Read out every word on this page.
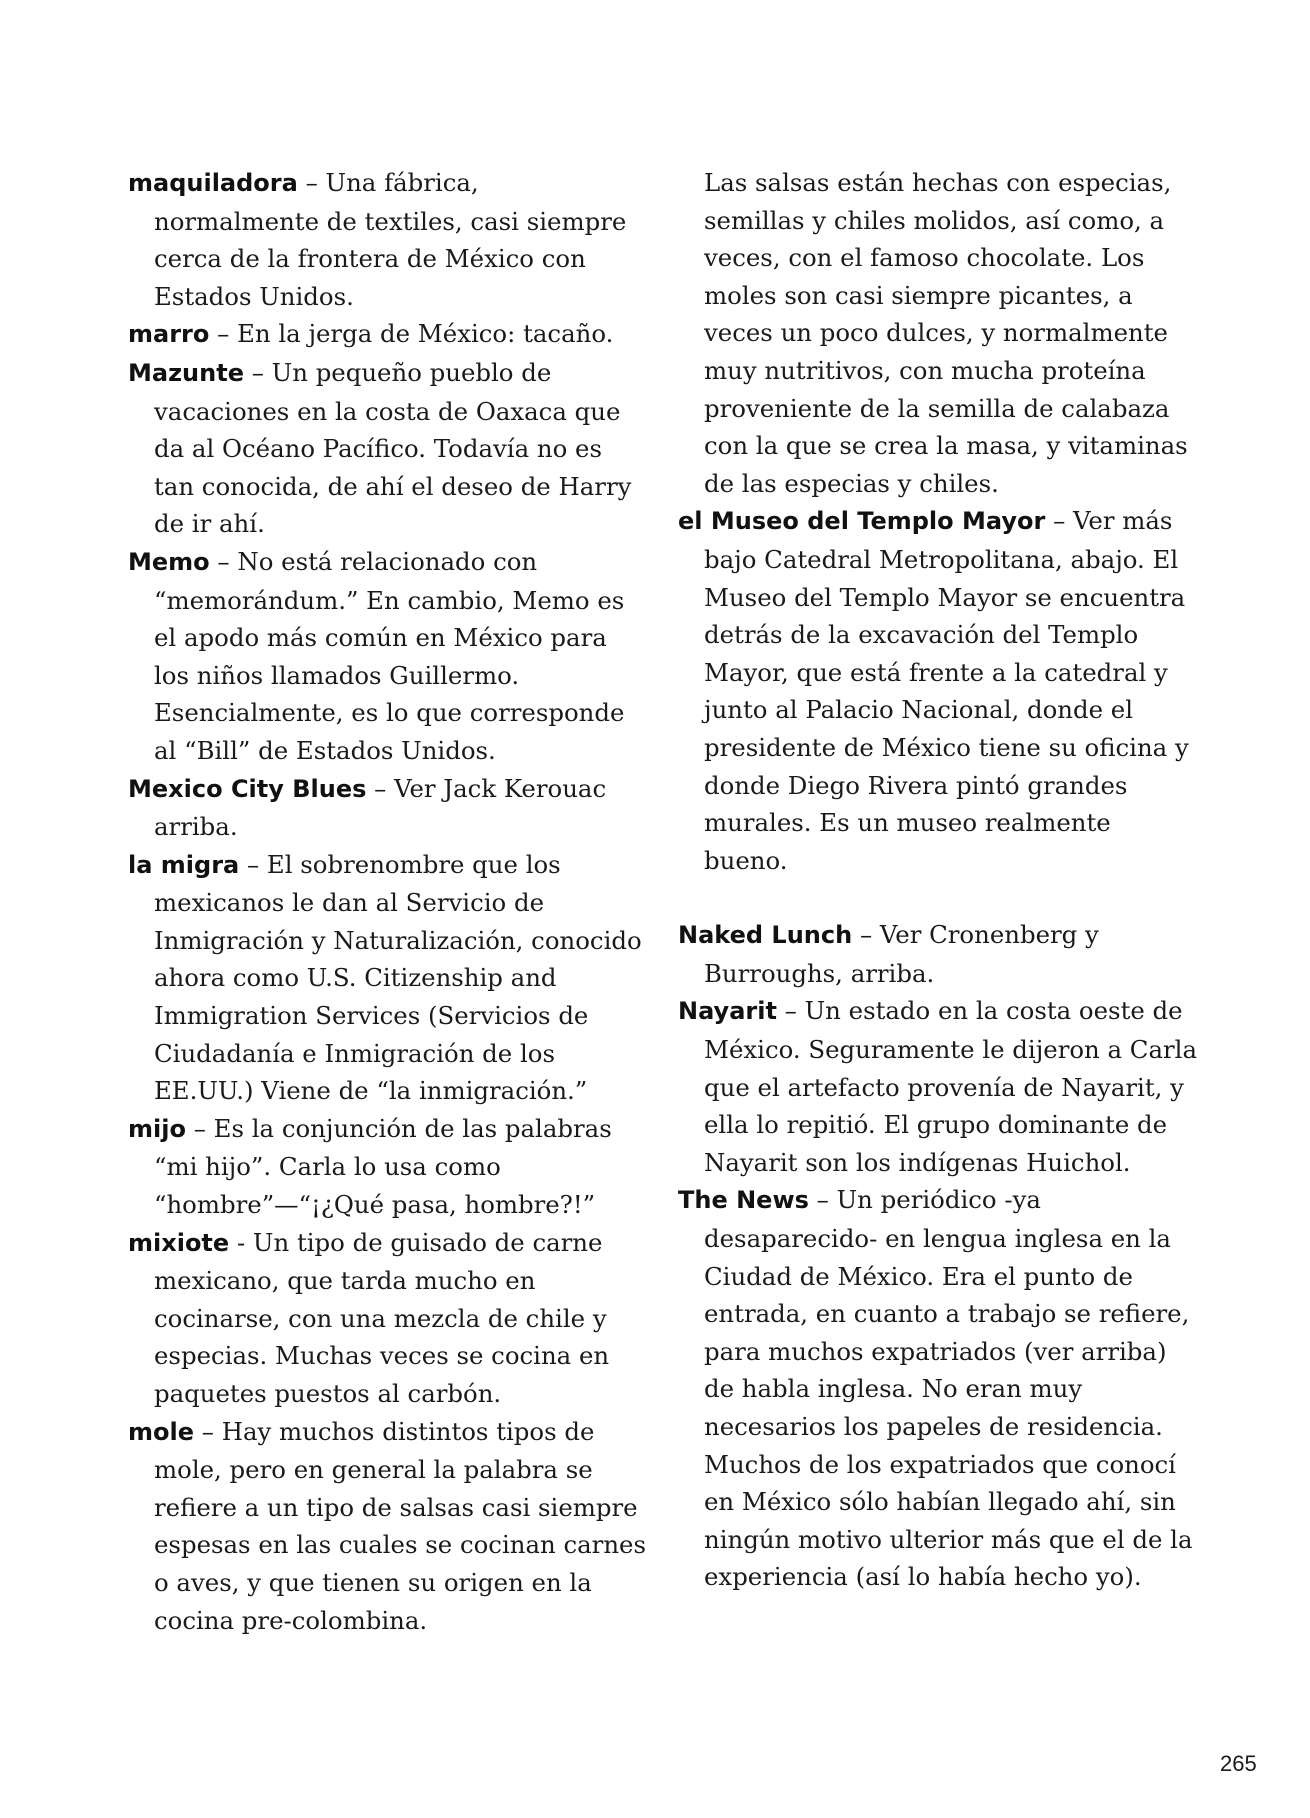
maquiladora – Una fábrica, normalmente de textiles, casi siempre cerca de la frontera de México con Estados Unidos.

marro – En la jerga de México: tacaño.

Mazunte – Un pequeño pueblo de vacaciones en la costa de Oaxaca que da al Océano Pacífico. Todavía no es tan conocida, de ahí el deseo de Harry de ir ahí.

Memo – No está relacionado con “memorándum.” En cambio, Memo es el apodo más común en México para los niños llamados Guillermo. Esencialmente, es lo que corresponde al “Bill” de Estados Unidos.

Mexico City Blues – Ver Jack Kerouac arriba.

la migra – El sobrenombre que los mexicanos le dan al Servicio de Inmigración y Naturalización, conocido ahora como U.S. Citizenship and Immigration Services (Servicios de Ciudadanía e Inmigración de los EE.UU.) Viene de “la inmigración.”

mijo – Es la conjunción de las palabras “mi hijo”. Carla lo usa como “hombre”—“¡¿Qué pasa, hombre?!”

mixiote - Un tipo de guisado de carne mexicano, que tarda mucho en cocinarse, con una mezcla de chile y especias. Muchas veces se cocina en paquetes puestos al carbón.

mole – Hay muchos distintos tipos de mole, pero en general la palabra se refiere a un tipo de salsas casi siempre espesas en las cuales se cocinan carnes o aves, y que tienen su origen en la cocina pre-colombina.

Las salsas están hechas con especias, semillas y chiles molidos, así como, a veces, con el famoso chocolate. Los moles son casi siempre picantes, a veces un poco dulces, y normalmente muy nutritivos, con mucha proteína proveniente de la semilla de calabaza con la que se crea la masa, y vitaminas de las especias y chiles.

el Museo del Templo Mayor – Ver más bajo Catedral Metropolitana, abajo. El Museo del Templo Mayor se encuentra detrás de la excavación del Templo Mayor, que está frente a la catedral y junto al Palacio Nacional, donde el presidente de México tiene su oficina y donde Diego Rivera pintó grandes murales. Es un museo realmente bueno.

Naked Lunch – Ver Cronenberg y Burroughs, arriba.

Nayarit – Un estado en la costa oeste de México. Seguramente le dijeron a Carla que el artefacto provenía de Nayarit, y ella lo repitió. El grupo dominante de Nayarit son los indígenas Huichol.

The News – Un periódico -ya desaparecido- en lengua inglesa en la Ciudad de México. Era el punto de entrada, en cuanto a trabajo se refiere, para muchos expatriados (ver arriba) de habla inglesa. No eran muy necesarios los papeles de residencia. Muchos de los expatriados que conocí en México sólo habían llegado ahí, sin ningún motivo ulterior más que el de la experiencia (así lo había hecho yo).

265
